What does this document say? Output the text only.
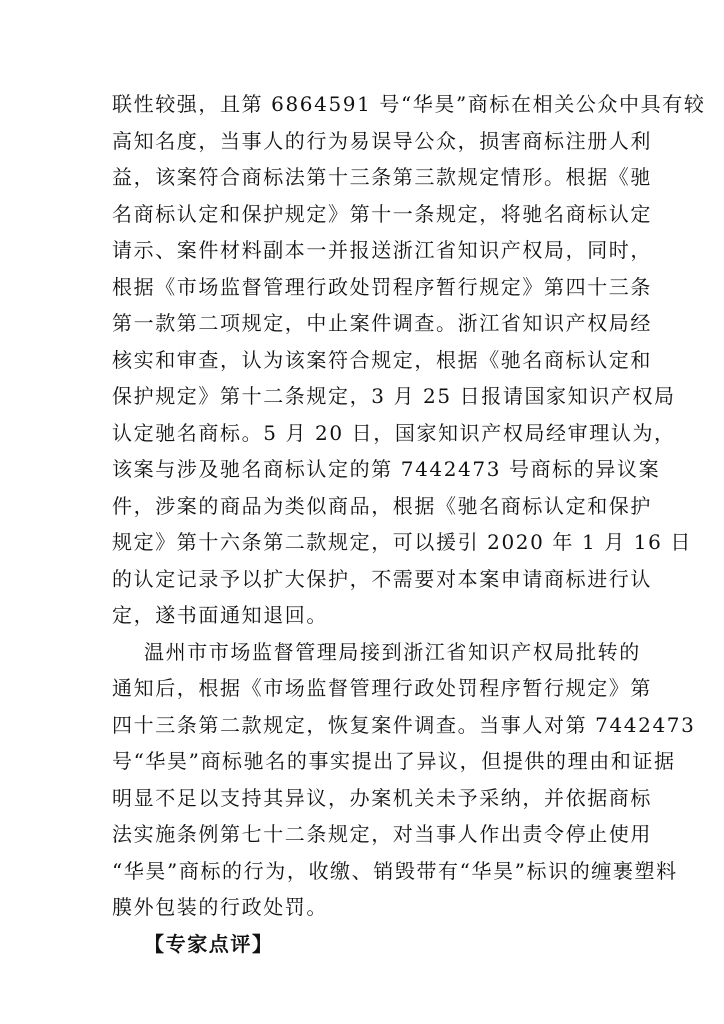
联性较强，且第 6864591 号“华昊”商标在相关公众中具有较
高知名度，当事人的行为易误导公众，损害商标注册人利
益，该案符合商标法第十三条第三款规定情形。根据《驰
名商标认定和保护规定》第十一条规定，将驰名商标认定
请示、案件材料副本一并报送浙江省知识产权局，同时，
根据《市场监督管理行政处罚程序暂行规定》第四十三条
第一款第二项规定，中止案件调查。浙江省知识产权局经
核实和审查，认为该案符合规定，根据《驰名商标认定和
保护规定》第十二条规定，3 月 25 日报请国家知识产权局
认定驰名商标。5 月 20 日，国家知识产权局经审理认为，
该案与涉及驰名商标认定的第 7442473 号商标的异议案
件，涉案的商品为类似商品，根据《驰名商标认定和保护
规定》第十六条第二款规定，可以援引 2020 年 1 月 16 日
的认定记录予以扩大保护，不需要对本案申请商标进行认
定，遂书面通知退回。
温州市市场监督管理局接到浙江省知识产权局批转的
通知后，根据《市场监督管理行政处罚程序暂行规定》第
四十三条第二款规定，恢复案件调查。当事人对第 7442473
号“华昊”商标驰名的事实提出了异议，但提供的理由和证据
明显不足以支持其异议，办案机关未予采纳，并依据商标
法实施条例第七十二条规定，对当事人作出责令停止使用
“华昊”商标的行为，收缴、销毁带有“华昊”标识的缠裹塑料
膜外包装的行政处罚。
【专家点评】
